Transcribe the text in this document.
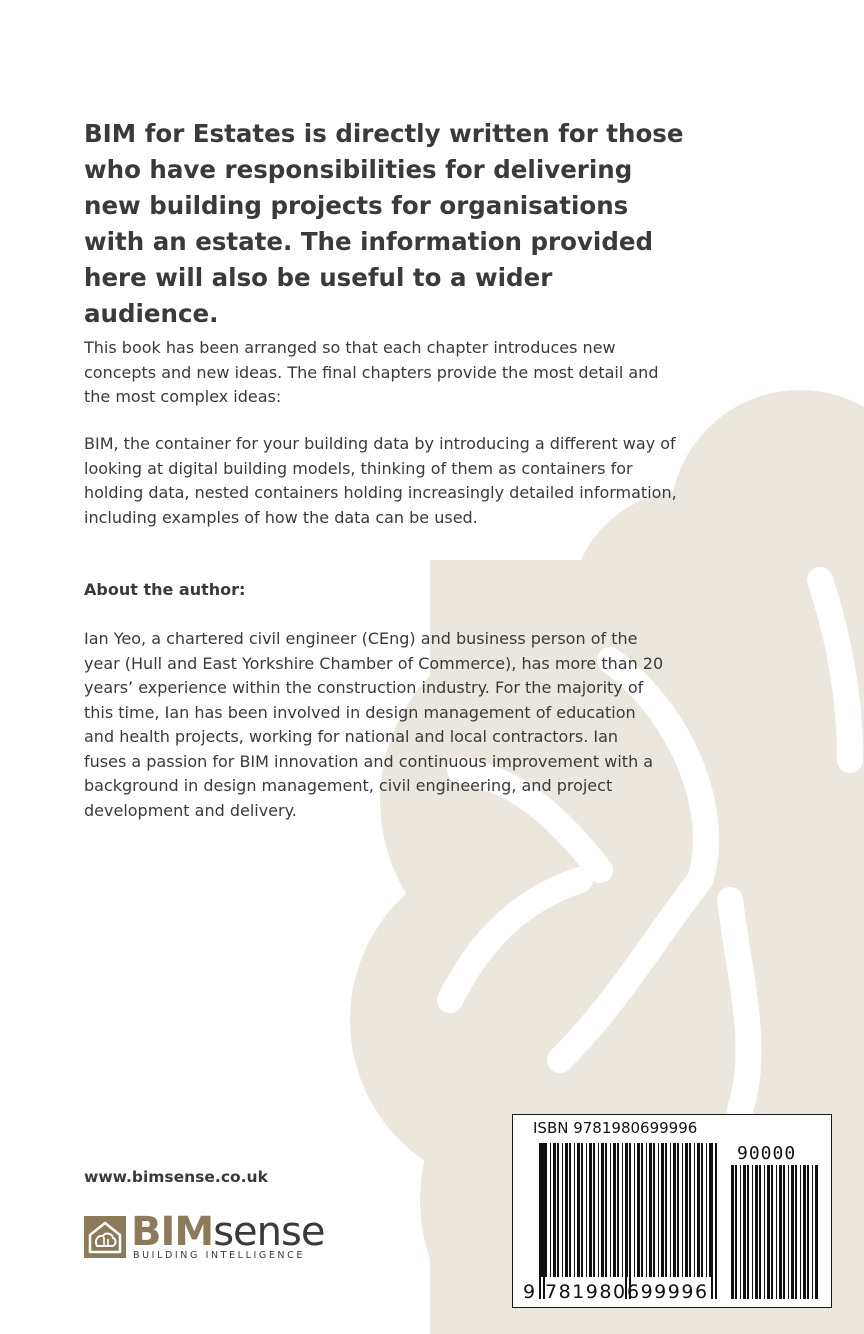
BIM for Estates is directly written for those who have responsibilities for delivering new building projects for organisations with an estate. The information provided here will also be useful to a wider audience.

This book has been arranged so that each chapter introduces new concepts and new ideas. The final chapters provide the most detail and the most complex ideas:

BIM, the container for your building data by introducing a different way of looking at digital building models, thinking of them as containers for holding data, nested containers holding increasingly detailed information, including examples of how the data can be used.

About the author:

Ian Yeo, a chartered civil engineer (CEng) and business person of the year (Hull and East Yorkshire Chamber of Commerce), has more than 20 years’ experience within the construction industry. For the majority of this time, Ian has been involved in design management of education and health projects, working for national and local contractors. Ian fuses a passion for BIM innovation and continuous improvement with a background in design management, civil engineering, and project development and delivery.

www.bimsense.co.uk
BIMsense
BUILDING INTELLIGENCE
ISBN 9781980699996
90000
9 781980 699996
